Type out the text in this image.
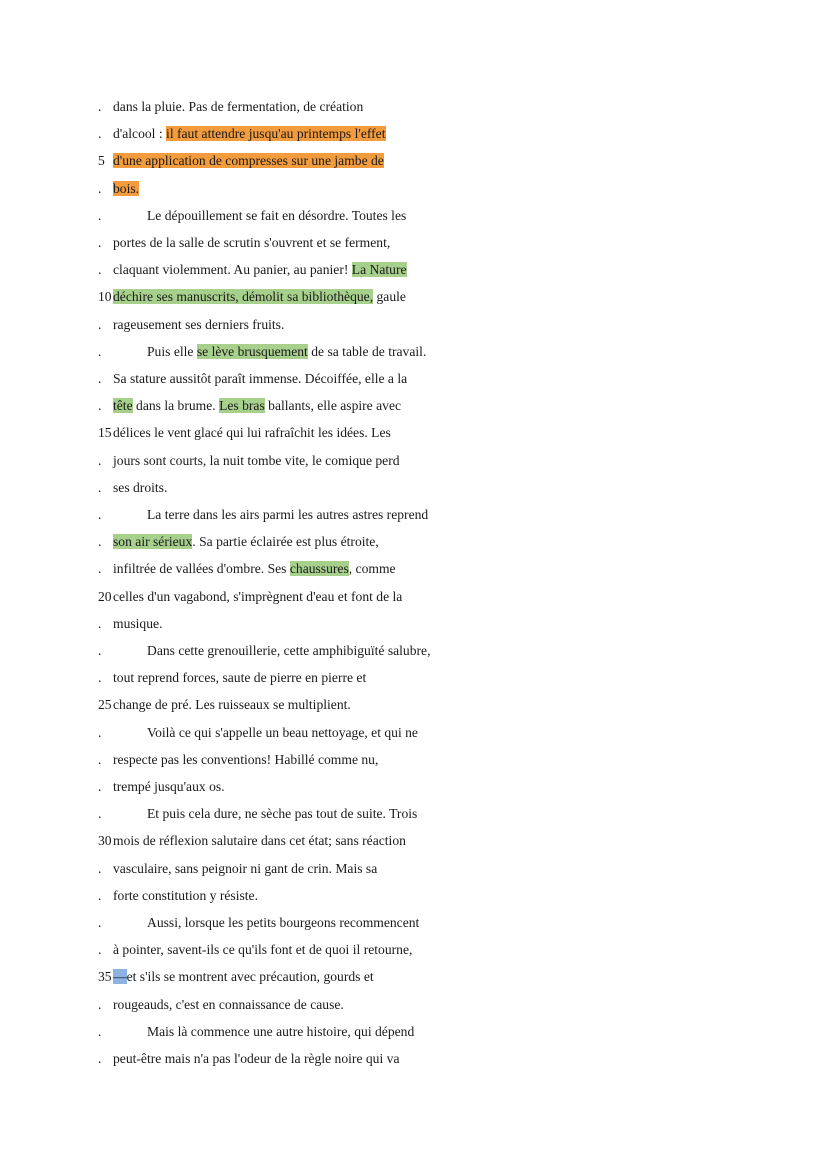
. dans la pluie. Pas de fermentation, de création
. d'alcool : il faut attendre jusqu'au printemps l'effet
5 d'une application de compresses sur une jambe de
. bois.
.	Le dépouillement se fait en désordre. Toutes les
. portes de la salle de scrutin s'ouvrent et se ferment,
. claquant violemment. Au panier, au panier! La Nature
10déchire ses manuscrits, démolit sa bibliothèque, gaule
. rageusement ses derniers fruits.
.	Puis elle se lève brusquement de sa table de travail.
. Sa stature aussitôt paraît immense. Décoiffée, elle a la
. tête dans la brume. Les bras ballants, elle aspire avec
15délices le vent glacé qui lui rafraîchit les idées. Les
. jours sont courts, la nuit tombe vite, le comique perd
. ses droits.
.	La terre dans les airs parmi les autres astres reprend
. son air sérieux. Sa partie éclairée est plus étroite,
. infiltrée de vallées d'ombre. Ses chaussures, comme
20celles d'un vagabond, s'imprègnent d'eau et font de la
. musique.
.	Dans cette grenouillerie, cette amphibiguïté salubre,
. tout reprend forces, saute de pierre en pierre et
25change de pré. Les ruisseaux se multiplient.
.	Voilà ce qui s'appelle un beau nettoyage, et qui ne
. respecte pas les conventions! Habillé comme nu,
. trempé jusqu'aux os.
.	Et puis cela dure, ne sèche pas tout de suite. Trois
30mois de réflexion salutaire dans cet état; sans réaction
. vasculaire, sans peignoir ni gant de crin. Mais sa
. forte constitution y résiste.
.	Aussi, lorsque les petits bourgeons recommencent
. à pointer, savent-ils ce qu'ils font et de quoi il retourne,
35—et s'ils se montrent avec précaution, gourds et
. rougeauds, c'est en connaissance de cause.
.	Mais là commence une autre histoire, qui dépend
. peut-être mais n'a pas l'odeur de la règle noire qui va
